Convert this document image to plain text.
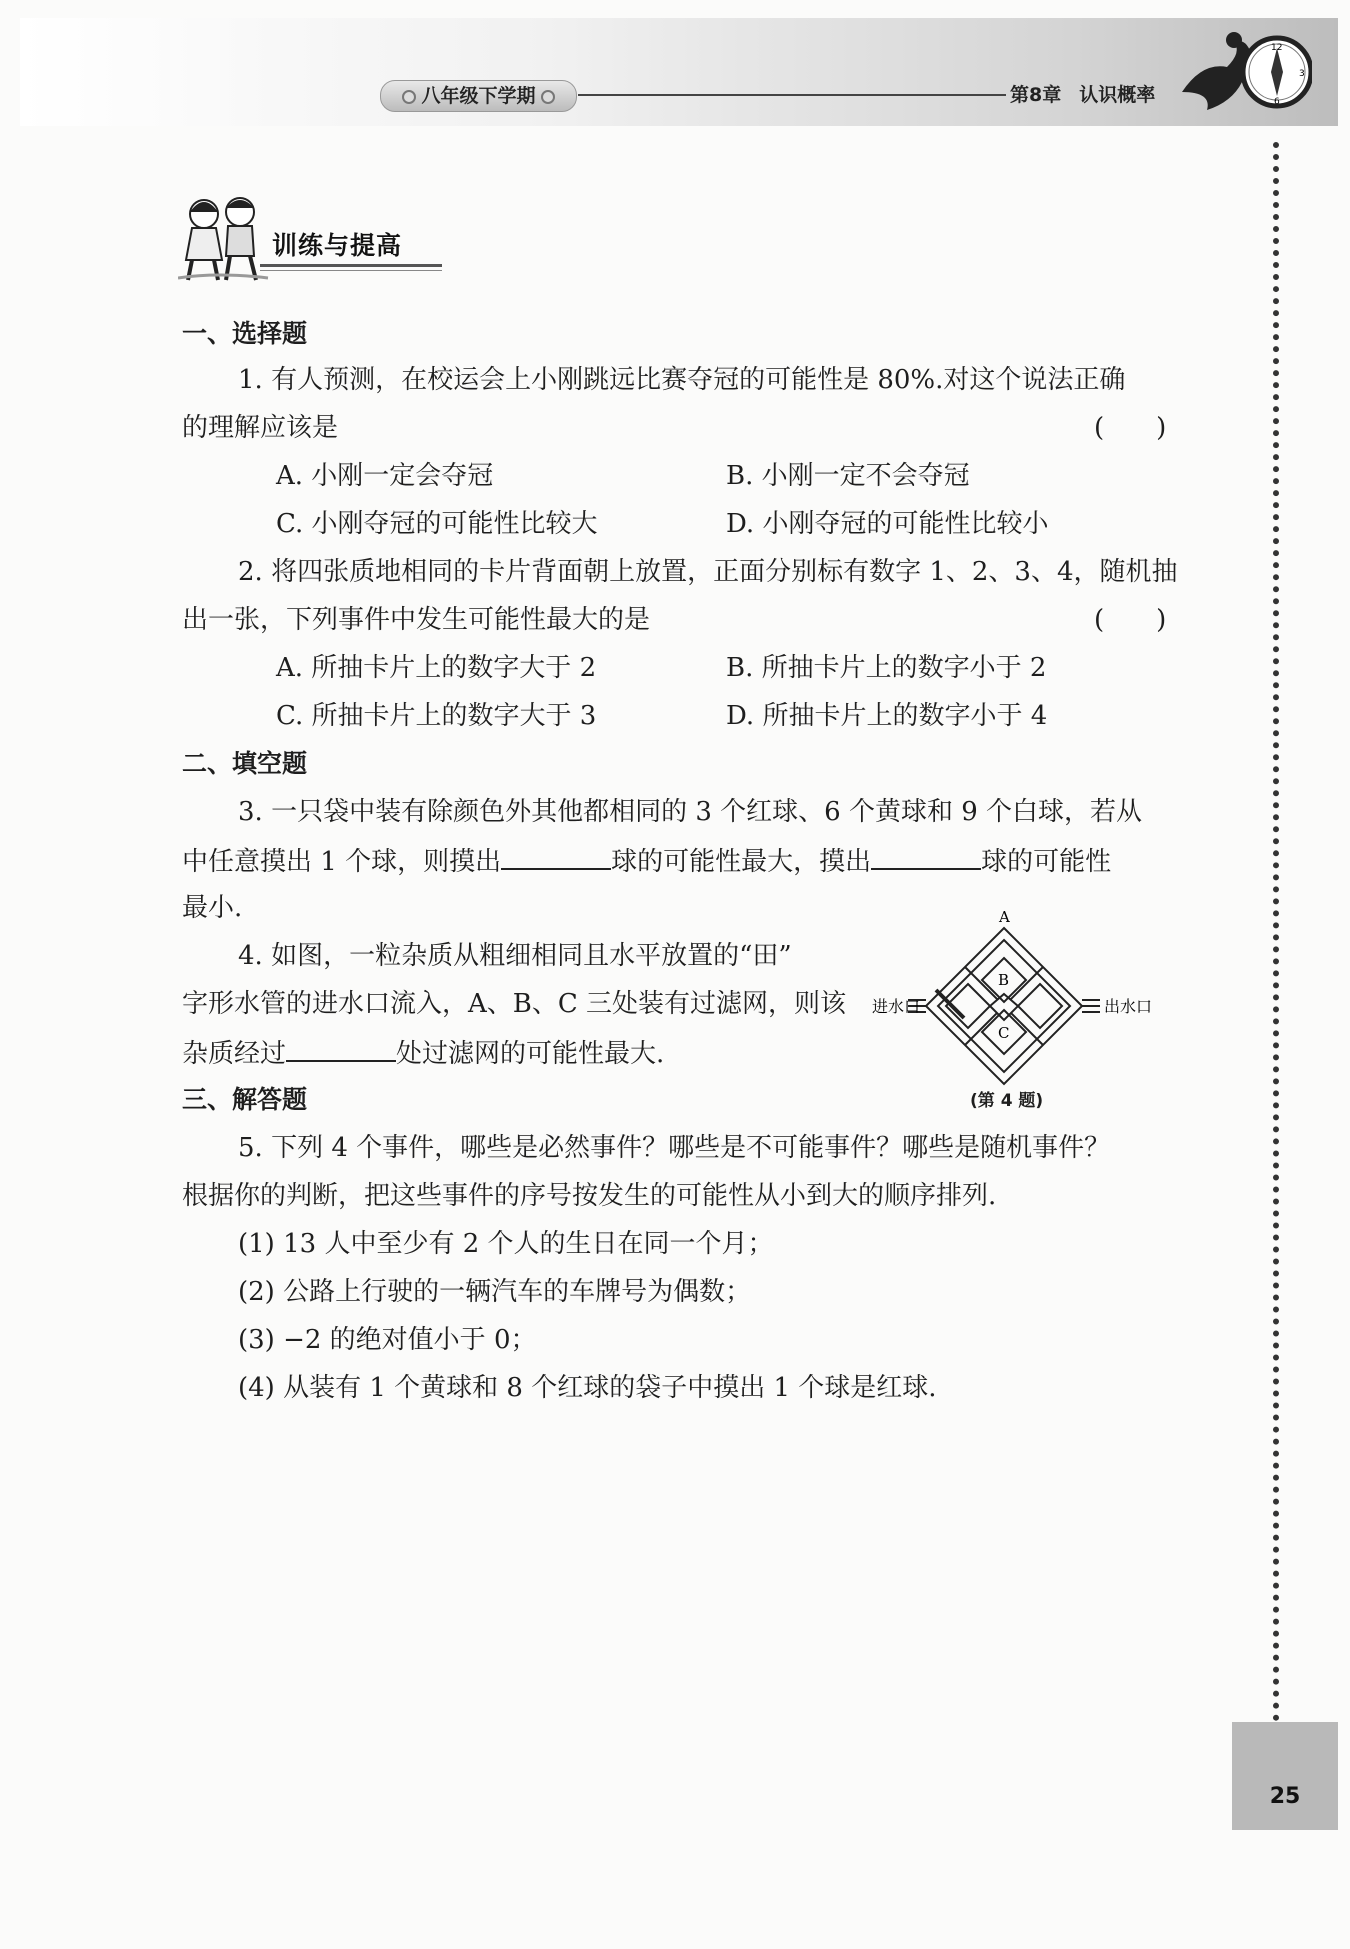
八年级下学期	第8章 认识概率
12
3
6
25
训练与提高
一、选择题
1. 有人预测，在校运会上小刚跳远比赛夺冠的可能性是 80%.对这个说法正确
的理解应该是	(　　)
A. 小刚一定会夺冠	B. 小刚一定不会夺冠
C. 小刚夺冠的可能性比较大	D. 小刚夺冠的可能性比较小
2. 将四张质地相同的卡片背面朝上放置，正面分别标有数字 1、2、3、4，随机抽
出一张，下列事件中发生可能性最大的是	(　　)
A. 所抽卡片上的数字大于 2	B. 所抽卡片上的数字小于 2
C. 所抽卡片上的数字大于 3	D. 所抽卡片上的数字小于 4
二、填空题
3. 一只袋中装有除颜色外其他都相同的 3 个红球、6 个黄球和 9 个白球，若从
中任意摸出 1 个球，则摸出	球的可能性最大，摸出	球的可能性
最小.
4. 如图，一粒杂质从粗细相同且水平放置的“田”
字形水管的进水口流入，A、B、C 三处装有过滤网，则该
杂质经过	处过滤网的可能性最大.
A
B
C
进水口	出水口
(第 4 题)
三、解答题
5. 下列 4 个事件，哪些是必然事件？哪些是不可能事件？哪些是随机事件？
根据你的判断，把这些事件的序号按发生的可能性从小到大的顺序排列.
(1) 13 人中至少有 2 个人的生日在同一个月；
(2) 公路上行驶的一辆汽车的车牌号为偶数；
(3) −2 的绝对值小于 0；
(4) 从装有 1 个黄球和 8 个红球的袋子中摸出 1 个球是红球.
